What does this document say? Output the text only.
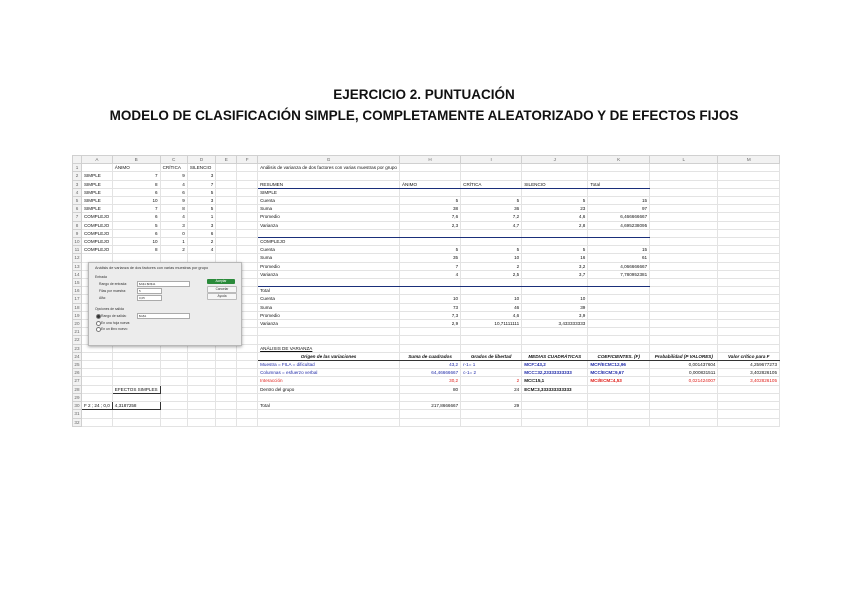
EJERCICIO 2. PUNTUACIÓN
MODELO DE CLASIFICACIÓN SIMPLE, COMPLETAMENTE ALEATORIZADO Y DE EFECTOS FIJOS
	A	B	C	D	E	F	G	H	I	J	K	L	M
1		ÁNIMO	CRÍTICA	SILENCIO			Análisis de varianza de dos factores con varias muestras por grupo						
2	SIMPLE	7	9	3									
3	SIMPLE	8	4	7			RESUMEN	ÁNIMO	CRÍTICA	SILENCIO	Total		
4	SIMPLE	6	6	5			SIMPLE						
5	SIMPLE	10	9	3			Cuenta	5	5	5	15		
6	SIMPLE	7	8	5			Suma	38	36	23	97		
7	COMPLEJO	6	4	1			Promedio	7,6	7,2	4,6	6,466666667		
8	COMPLEJO	5	3	3			Varianza	2,3	4,7	2,8	4,695238095		
9	COMPLEJO	6	0	6									
10	COMPLEJO	10	1	2			COMPLEJO						
11	COMPLEJO	8	2	4			Cuenta	5	5	5	15		
12							Suma	35	10	16	61		
13							Promedio	7	2	3,2	4,066666667		
14							Varianza	4	2,5	3,7	7,780952381		
15													
16							Total						
17							Cuenta	10	10	10			
18							Suma	73	46	39			
19							Promedio	7,3	4,6	3,9			
20							Varianza	2,9	10,71111111	3,433333333			
21													
22													
23							ANÁLISIS DE VARIANZA						
24							Origen de las variaciones	Suma de cuadrados	Grados de libertad	MEDIAS CUADRÁTICAS	COEFICIENTES. (F)	Probabilidad (P VALORES)	Valor crítico para F
25							Muestra = FILA = dificultad	43,2	r-1= 1	MCF=43,2	MCF/ECM=12,96	0,001437604	4,259677273
26							Columnas = esfuerzo verbal	64,46666667	c-1= 2	MCC=32,23333333333	MCC/ECM=9,67	0,000831511	3,402826105
27							Interacción	30,2	2	MCI=15,1	MCI/ECM=4,53	0,021424007	3,402826105
28		EFECTOS SIMPLES					Dentro del grupo	80	24	ECM=3,333333333333			
29													
30	F 2 ; 24 ; 0,0	4,3187258					Total	217,8666667	29				
31													
32													
Análisis de varianza de dos factores con varias muestras por grupo
Entrada
Rango de entrada:	$A$1:$D$11
Filas por muestra:	5
Alfa:	0,05
Opciones de salida
Rango de salida:	$G$1
En una hoja nueva:
En un libro nuevo
Aceptar
Cancelar
Ayuda
